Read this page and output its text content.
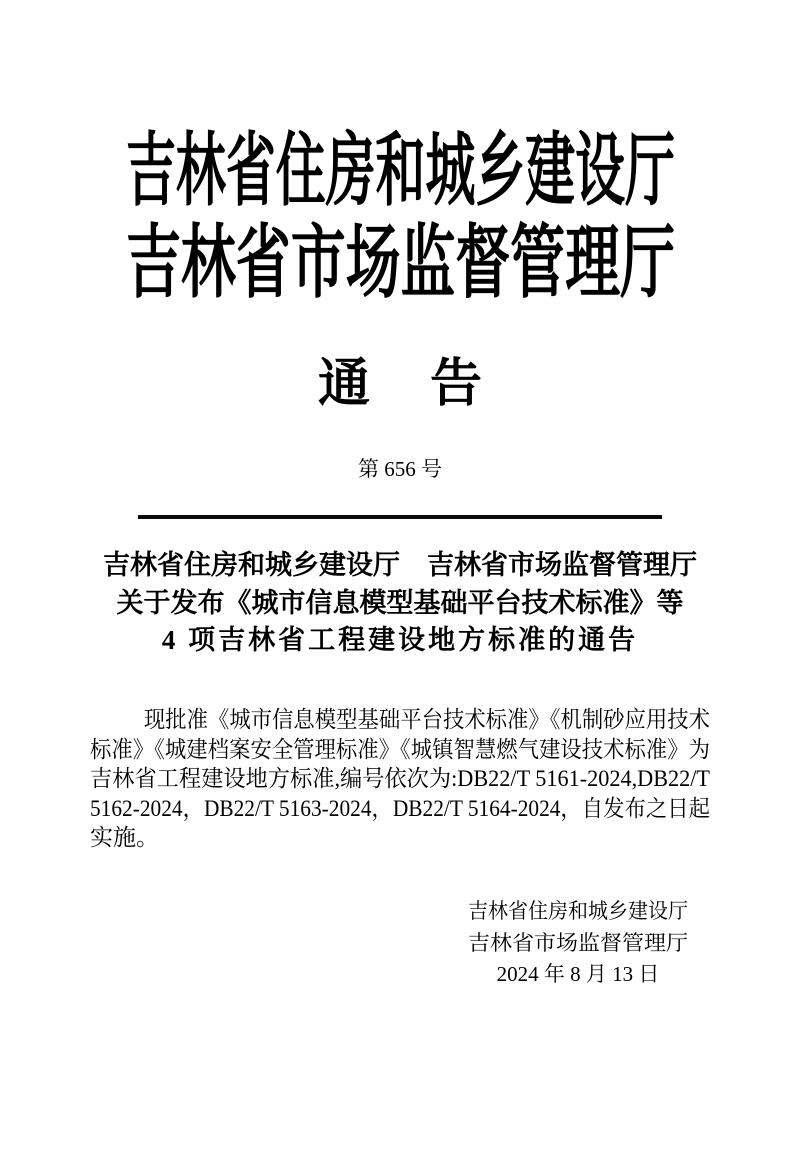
吉林省住房和城乡建设厅
吉林省市场监督管理厅
通 告
第 656 号
吉林省住房和城乡建设厅　吉林省市场监督管理厅
关于发布《城市信息模型基础平台技术标准》等
4 项吉林省工程建设地方标准的通告
现批准《城市信息模型基础平台技术标准》《机制砂应用技术
标准》《城建档案安全管理标准》《城镇智慧燃气建设技术标准》为
吉林省工程建设地方标准,编号依次为:DB22/T 5161-2024,DB22/T
5162-2024，DB22/T 5163-2024，DB22/T 5164-2024，自发布之日起
实施。
吉林省住房和城乡建设厅
吉林省市场监督管理厅
2024 年 8 月 13 日
